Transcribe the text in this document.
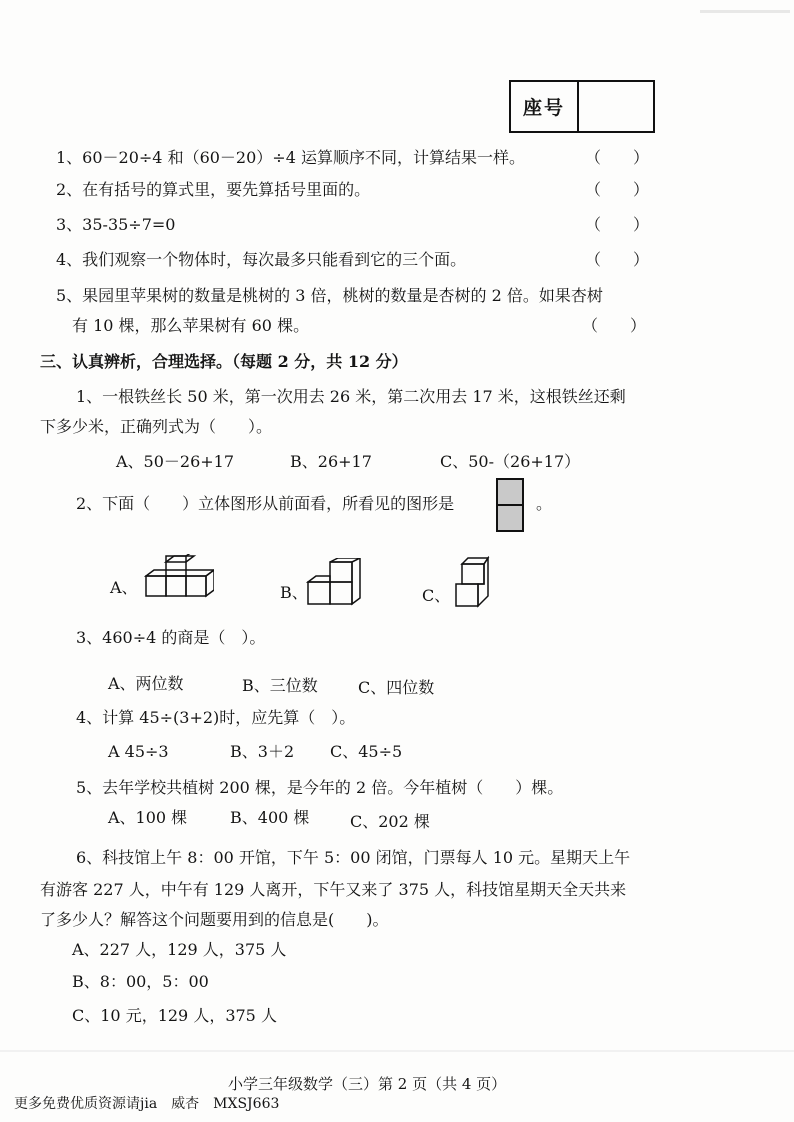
座号
1、60－20÷4 和（60－20）÷4 运算顺序不同，计算结果一样。	（　　）
2、在有括号的算式里，要先算括号里面的。	（　　）
3、35-35÷7=0	（　　）
4、我们观察一个物体时，每次最多只能看到它的三个面。	（　　）
5、果园里苹果树的数量是桃树的 3 倍，桃树的数量是杏树的 2 倍。如果杏树
有 10 棵，那么苹果树有 60 棵。	（　　）
三、认真辨析，合理选择。（每题 2 分，共 12 分）
1、一根铁丝长 50 米，第一次用去 26 米，第二次用去 17 米，这根铁丝还剩
下多少米，正确列式为（　　）。
A、50－26+17	B、26+17	C、50-（26+17）
2、下面（　　）立体图形从前面看，所看见的图形是	。
A、	B、	C、
3、460÷4 的商是（　）。
A、两位数	B、三位数	C、四位数
4、计算 45÷(3+2)时，应先算（　）。
A 45÷3	B、3＋2 C、45÷5
5、去年学校共植树 200 棵，是今年的 2 倍。今年植树（　　）棵。
A、100 棵	B、400 棵	C、202 棵
6、科技馆上午 8：00 开馆，下午 5：00 闭馆，门票每人 10 元。星期天上午
有游客 227 人，中午有 129 人离开，下午又来了 375 人，科技馆星期天全天共来
了多少人？解答这个问题要用到的信息是(　　)。
A、227 人，129 人，375 人
B、8：00，5：00
C、10 元，129 人，375 人
小学三年级数学（三）第 2 页（共 4 页）
更多免费优质资源请jia　威杏　MXSJ663
